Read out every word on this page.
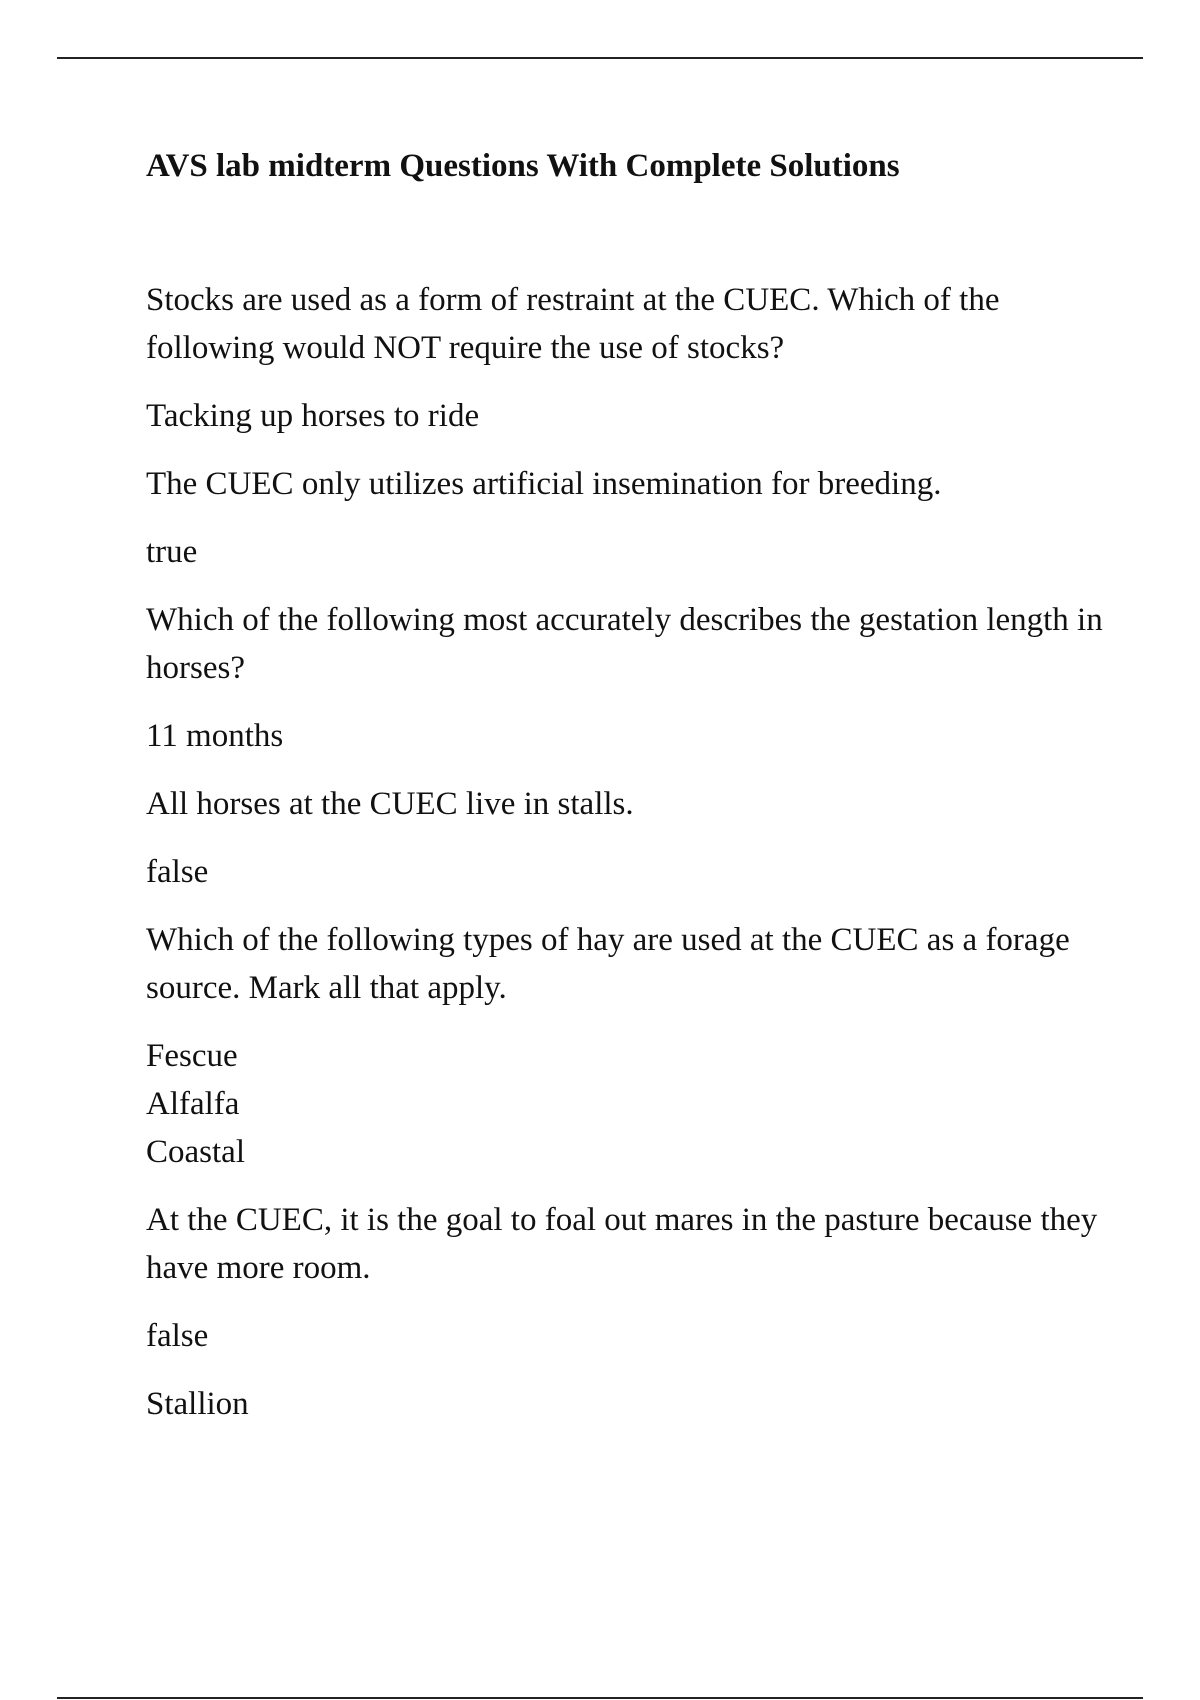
AVS lab midterm Questions With Complete Solutions

Stocks are used as a form of restraint at the CUEC. Which of the following would NOT require the use of stocks?

Tacking up horses to ride

The CUEC only utilizes artificial insemination for breeding.

true

Which of the following most accurately describes the gestation length in horses?

11 months

All horses at the CUEC live in stalls.

false

Which of the following types of hay are used at the CUEC as a forage source. Mark all that apply.

Fescue
Alfalfa
Coastal

At the CUEC, it is the goal to foal out mares in the pasture because they have more room.

false

Stallion
